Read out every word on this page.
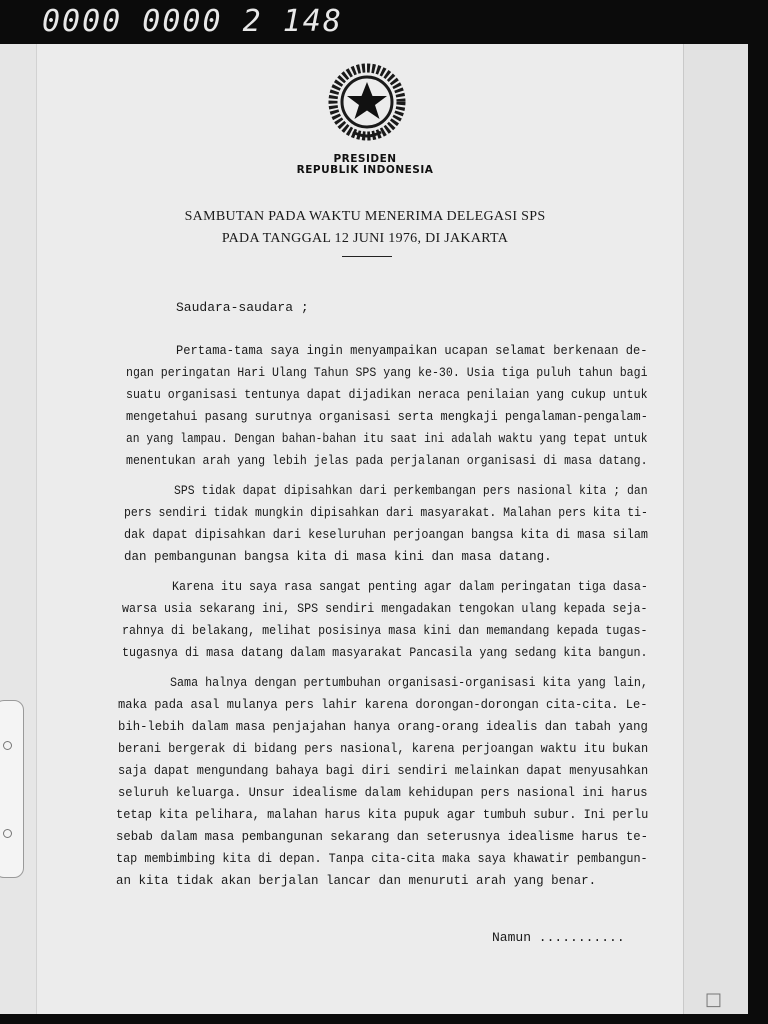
0000 0000 2 148
PRESIDEN
REPUBLIK INDONESIA
SAMBUTAN PADA WAKTU MENERIMA DELEGASI SPS
PADA TANGGAL 12 JUNI 1976, DI JAKARTA
Saudara-saudara ;
Pertama-tama saya ingin menyampaikan ucapan selamat berkenaan de-
ngan peringatan Hari Ulang Tahun SPS yang ke-30. Usia tiga puluh tahun bagi
suatu organisasi tentunya dapat dijadikan neraca penilaian yang cukup untuk
mengetahui pasang surutnya organisasi serta mengkaji pengalaman-pengalam-
an yang lampau. Dengan bahan-bahan itu saat ini adalah waktu yang tepat untuk
menentukan arah yang lebih jelas pada perjalanan organisasi di masa datang.
SPS tidak dapat dipisahkan dari perkembangan pers nasional kita ; dan
pers sendiri tidak mungkin dipisahkan dari masyarakat. Malahan pers kita ti-
dak dapat dipisahkan dari keseluruhan perjoangan bangsa kita di masa silam
dan pembangunan bangsa kita di masa kini dan masa datang.
Karena itu saya rasa sangat penting agar dalam peringatan tiga dasa-
warsa usia sekarang ini, SPS sendiri mengadakan tengokan ulang kepada seja-
rahnya di belakang, melihat posisinya masa kini dan memandang kepada tugas-
tugasnya di masa datang dalam masyarakat Pancasila yang sedang kita bangun.
Sama halnya dengan pertumbuhan organisasi-organisasi kita yang lain,
maka pada asal mulanya pers lahir karena dorongan-dorongan cita-cita. Le-
bih-lebih dalam masa penjajahan hanya orang-orang idealis dan tabah yang
berani bergerak di bidang pers nasional, karena perjoangan waktu itu bukan
saja dapat mengundang bahaya bagi diri sendiri melainkan dapat menyusahkan
seluruh keluarga. Unsur idealisme dalam kehidupan pers nasional ini harus
tetap kita pelihara, malahan harus kita pupuk agar tumbuh subur. Ini perlu
sebab dalam masa pembangunan sekarang dan seterusnya idealisme harus te-
tap membimbing kita di depan. Tanpa cita-cita maka saya khawatir pembangun-
an kita tidak akan berjalan lancar dan menuruti arah yang benar.
Namun ...........
□
